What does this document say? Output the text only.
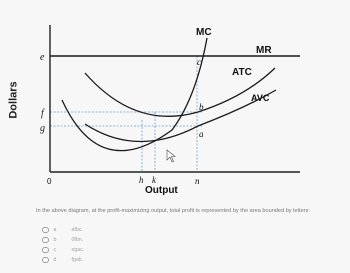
Dollars
MC
MR
ATC
AVC
c
b
a
e
f
g
0	h k	n
Output
In the above diagram, at the profit-maximizing output, total profit is represented by the area bounded by letters:
a	afbc.
b	0fbn.
c	egac.
d	fgab.
